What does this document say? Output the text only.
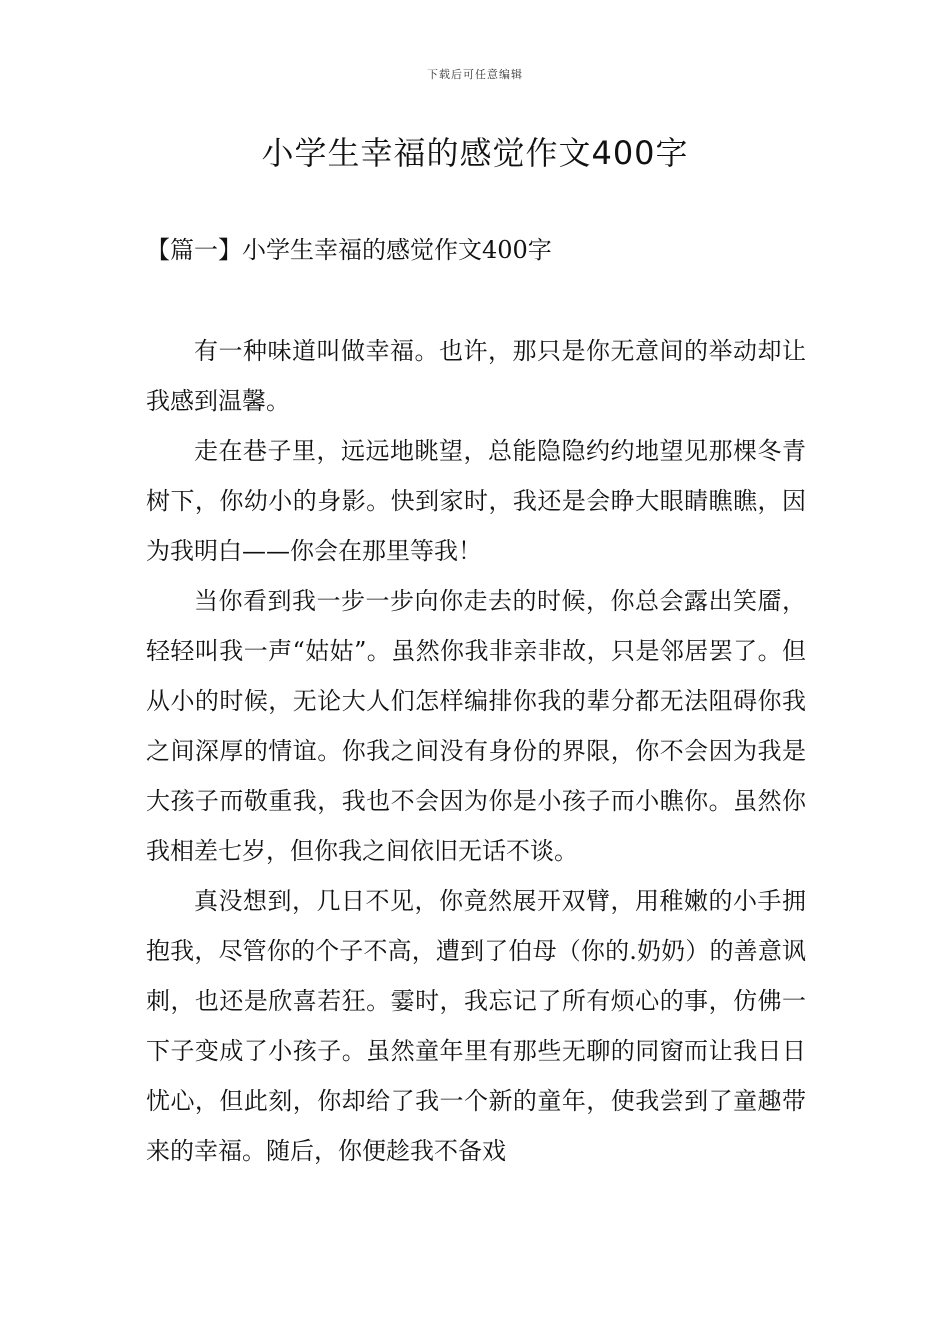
下载后可任意编辑
小学生幸福的感觉作文400字
【篇一】小学生幸福的感觉作文400字

有一种味道叫做幸福。也许，那只是你无意间的举动却让我感到温馨。

走在巷子里，远远地眺望，总能隐隐约约地望见那棵冬青树下，你幼小的身影。快到家时，我还是会睁大眼睛瞧瞧，因为我明白——你会在那里等我！

当你看到我一步一步向你走去的时候，你总会露出笑靥，轻轻叫我一声“姑姑”。虽然你我非亲非故，只是邻居罢了。但从小的时候，无论大人们怎样编排你我的辈分都无法阻碍你我之间深厚的情谊。你我之间没有身份的界限，你不会因为我是大孩子而敬重我，我也不会因为你是小孩子而小瞧你。虽然你我相差七岁，但你我之间依旧无话不谈。

真没想到，几日不见，你竟然展开双臂，用稚嫩的小手拥抱我，尽管你的个子不高，遭到了伯母（你的.奶奶）的善意讽刺，也还是欣喜若狂。霎时，我忘记了所有烦心的事，仿佛一下子变成了小孩子。虽然童年里有那些无聊的同窗而让我日日忧心，但此刻，你却给了我一个新的童年，使我尝到了童趣带来的幸福。随后，你便趁我不备戏
